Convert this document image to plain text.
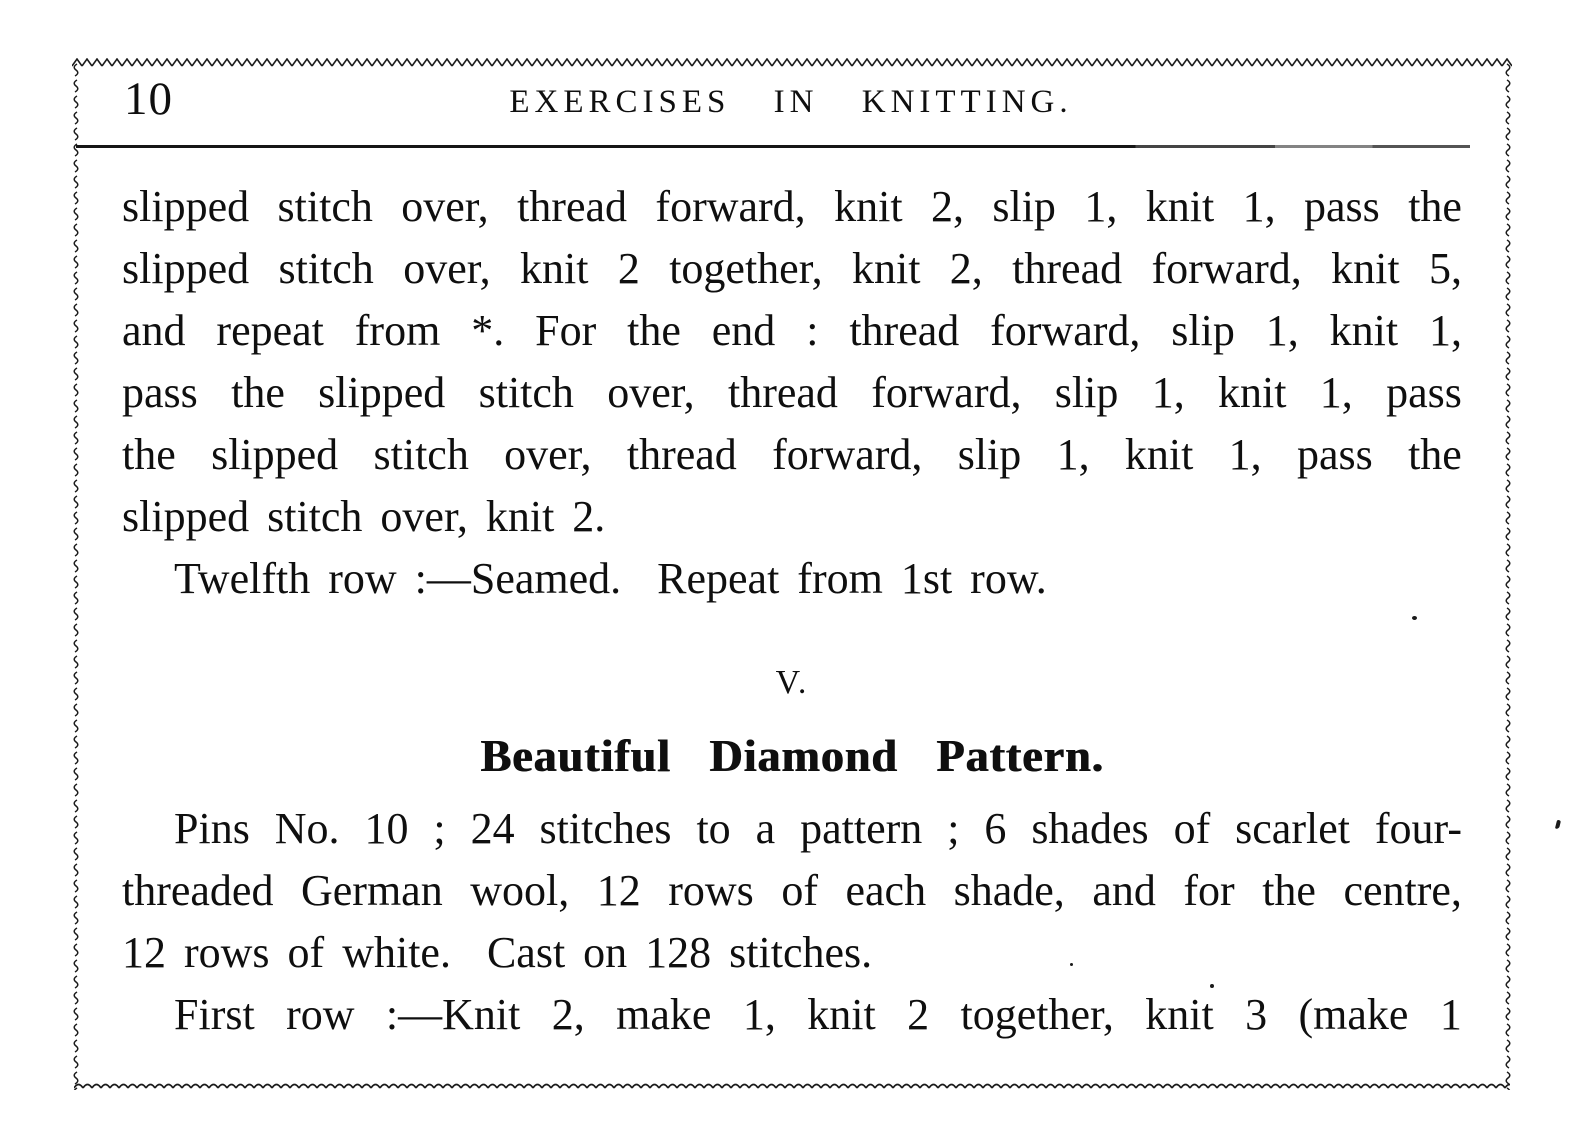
10	EXERCISES IN KNITTING.
slipped stitch over, thread forward, knit 2, slip 1, knit 1, pass the
slipped stitch over, knit 2 together, knit 2, thread forward, knit 5,
and repeat from *. For the end : thread forward, slip 1, knit 1,
pass the slipped stitch over, thread forward, slip 1, knit 1, pass
the slipped stitch over, thread forward, slip 1, knit 1, pass the
slipped stitch over, knit 2.
Twelfth row :—Seamed.  Repeat from 1st row.
V.
Beautiful Diamond Pattern.
Pins No. 10 ; 24 stitches to a pattern ; 6 shades of scarlet four-
threaded German wool, 12 rows of each shade, and for the centre,
12 rows of white.  Cast on 128 stitches.
First row :—Knit 2, make 1, knit 2 together, knit 3 (make 1
